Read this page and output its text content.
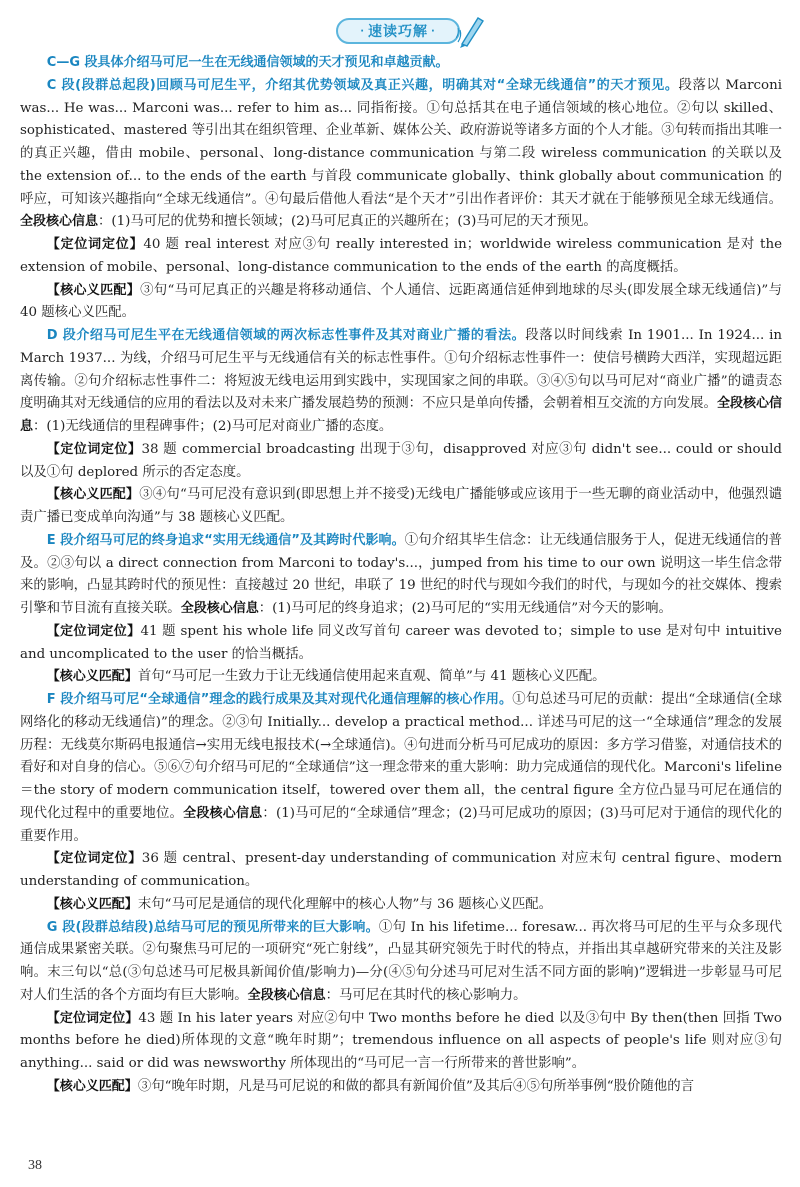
· 速读巧解 ·

C—G 段具体介绍马可尼一生在无线通信领域的天才预见和卓越贡献。

C 段(段群总起段)回顾马可尼生平，介绍其优势领域及真正兴趣，明确其对“全球无线通信”的天才预见。段落以 Marconi was... He was... Marconi was... refer to him as... 同指衔接。①句总括其在电子通信领域的核心地位。②句以 skilled、sophisticated、mastered 等引出其在组织管理、企业革新、媒体公关、政府游说等诸多方面的个人才能。③句转而指出其唯一的真正兴趣，借由 mobile、personal、long-distance communication 与第二段 wireless communication 的关联以及 the extension of... to the ends of the earth 与首段 communicate globally、think globally about communication 的呼应，可知该兴趣指向“全球无线通信”。④句最后借他人看法“是个天才”引出作者评价：其天才就在于能够预见全球无线通信。全段核心信息：(1)马可尼的优势和擅长领域；(2)马可尼真正的兴趣所在；(3)马可尼的天才预见。

【定位词定位】40 题 real interest 对应③句 really interested in；worldwide wireless communication 是对 the extension of mobile、personal、long-distance communication to the ends of the earth 的高度概括。

【核心义匹配】③句“马可尼真正的兴趣是将移动通信、个人通信、远距离通信延伸到地球的尽头(即发展全球无线通信)”与 40 题核心义匹配。

D 段介绍马可尼生平在无线通信领域的两次标志性事件及其对商业广播的看法。段落以时间线索 In 1901... In 1924... in March 1937... 为线，介绍马可尼生平与无线通信有关的标志性事件。①句介绍标志性事件一：使信号横跨大西洋，实现超远距离传输。②句介绍标志性事件二：将短波无线电运用到实践中，实现国家之间的串联。③④⑤句以马可尼对“商业广播”的谴责态度明确其对无线通信的应用的看法以及对未来广播发展趋势的预测：不应只是单向传播，会朝着相互交流的方向发展。全段核心信息：(1)无线通信的里程碑事件；(2)马可尼对商业广播的态度。

【定位词定位】38 题 commercial broadcasting 出现于③句，disapproved 对应③句 didn't see... could or should 以及①句 deplored 所示的否定态度。

【核心义匹配】③④句“马可尼没有意识到(即思想上并不接受)无线电广播能够或应该用于一些无聊的商业活动中，他强烈谴责广播已变成单向沟通”与 38 题核心义匹配。

E 段介绍马可尼的终身追求“实用无线通信”及其跨时代影响。①句介绍其毕生信念：让无线通信服务于人，促进无线通信的普及。②③句以 a direct connection from Marconi to today's...，jumped from his time to our own 说明这一毕生信念带来的影响，凸显其跨时代的预见性：直接越过 20 世纪，串联了 19 世纪的时代与现如今我们的时代，与现如今的社交媒体、搜索引擎和节目流有直接关联。全段核心信息：(1)马可尼的终身追求；(2)马可尼的“实用无线通信”对今天的影响。

【定位词定位】41 题 spent his whole life 同义改写首句 career was devoted to；simple to use 是对句中 intuitive and uncomplicated to the user 的恰当概括。

【核心义匹配】首句“马可尼一生致力于让无线通信使用起来直观、简单”与 41 题核心义匹配。

F 段介绍马可尼“全球通信”理念的践行成果及其对现代化通信理解的核心作用。①句总述马可尼的贡献：提出“全球通信(全球网络化的移动无线通信)”的理念。②③句 Initially... develop a practical method... 详述马可尼的这一“全球通信”理念的发展历程：无线莫尔斯码电报通信→实用无线电报技术(→全球通信)。④句进而分析马可尼成功的原因：多方学习借鉴，对通信技术的看好和对自身的信心。⑤⑥⑦句介绍马可尼的“全球通信”这一理念带来的重大影响：助力完成通信的现代化。Marconi's lifeline＝the story of modern communication itself，towered over them all，the central figure 全方位凸显马可尼在通信的现代化过程中的重要地位。全段核心信息：(1)马可尼的“全球通信”理念；(2)马可尼成功的原因；(3)马可尼对于通信的现代化的重要作用。

【定位词定位】36 题 central、present-day understanding of communication 对应末句 central figure、modern understanding of communication。

【核心义匹配】末句“马可尼是通信的现代化理解中的核心人物”与 36 题核心义匹配。

G 段(段群总结段)总结马可尼的预见所带来的巨大影响。①句 In his lifetime... foresaw... 再次将马可尼的生平与众多现代通信成果紧密关联。②句聚焦马可尼的一项研究“死亡射线”，凸显其研究领先于时代的特点，并指出其卓越研究带来的关注及影响。末三句以“总(③句总述马可尼极具新闻价值/影响力)—分(④⑤句分述马可尼对生活不同方面的影响)”逻辑进一步彰显马可尼对人们生活的各个方面均有巨大影响。全段核心信息：马可尼在其时代的核心影响力。

【定位词定位】43 题 In his later years 对应②句中 Two months before he died 以及③句中 By then(then 回指 Two months before he died)所体现的文意“晚年时期”；tremendous influence on all aspects of people's life 则对应③句 anything... said or did was newsworthy 所体现出的“马可尼一言一行所带来的普世影响”。

【核心义匹配】③句“晚年时期，凡是马可尼说的和做的都具有新闻价值”及其后④⑤句所举事例“股价随他的言

38
